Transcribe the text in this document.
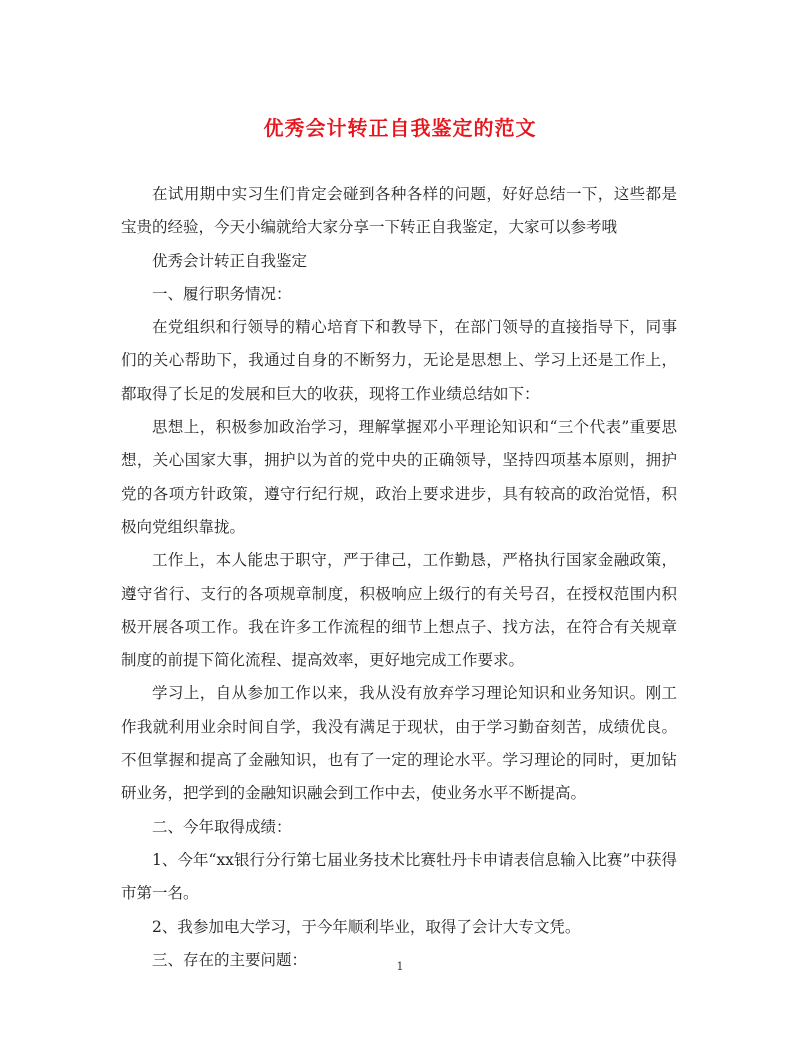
优秀会计转正自我鉴定的范文

在试用期中实习生们肯定会碰到各种各样的问题，好好总结一下，这些都是宝贵的经验，今天小编就给大家分享一下转正自我鉴定，大家可以参考哦

优秀会计转正自我鉴定

一、履行职务情况：

在党组织和行领导的精心培育下和教导下，在部门领导的直接指导下，同事们的关心帮助下，我通过自身的不断努力，无论是思想上、学习上还是工作上，都取得了长足的发展和巨大的收获，现将工作业绩总结如下：

思想上，积极参加政治学习，理解掌握邓小平理论知识和“三个代表”重要思想，关心国家大事，拥护以为首的党中央的正确领导，坚持四项基本原则，拥护党的各项方针政策，遵守行纪行规，政治上要求进步，具有较高的政治觉悟，积极向党组织靠拢。

工作上，本人能忠于职守，严于律己，工作勤恳，严格执行国家金融政策，遵守省行、支行的各项规章制度，积极响应上级行的有关号召，在授权范围内积极开展各项工作。我在许多工作流程的细节上想点子、找方法，在符合有关规章制度的前提下简化流程、提高效率，更好地完成工作要求。

学习上，自从参加工作以来，我从没有放弃学习理论知识和业务知识。刚工作我就利用业余时间自学，我没有满足于现状，由于学习勤奋刻苦，成绩优良。不但掌握和提高了金融知识，也有了一定的理论水平。学习理论的同时，更加钻研业务，把学到的金融知识融会到工作中去，使业务水平不断提高。

二、今年取得成绩：

1、今年“xx银行分行第七届业务技术比赛牡丹卡申请表信息输入比赛”中获得市第一名。

2、我参加电大学习，于今年顺利毕业，取得了会计大专文凭。

三、存在的主要问题：	1
